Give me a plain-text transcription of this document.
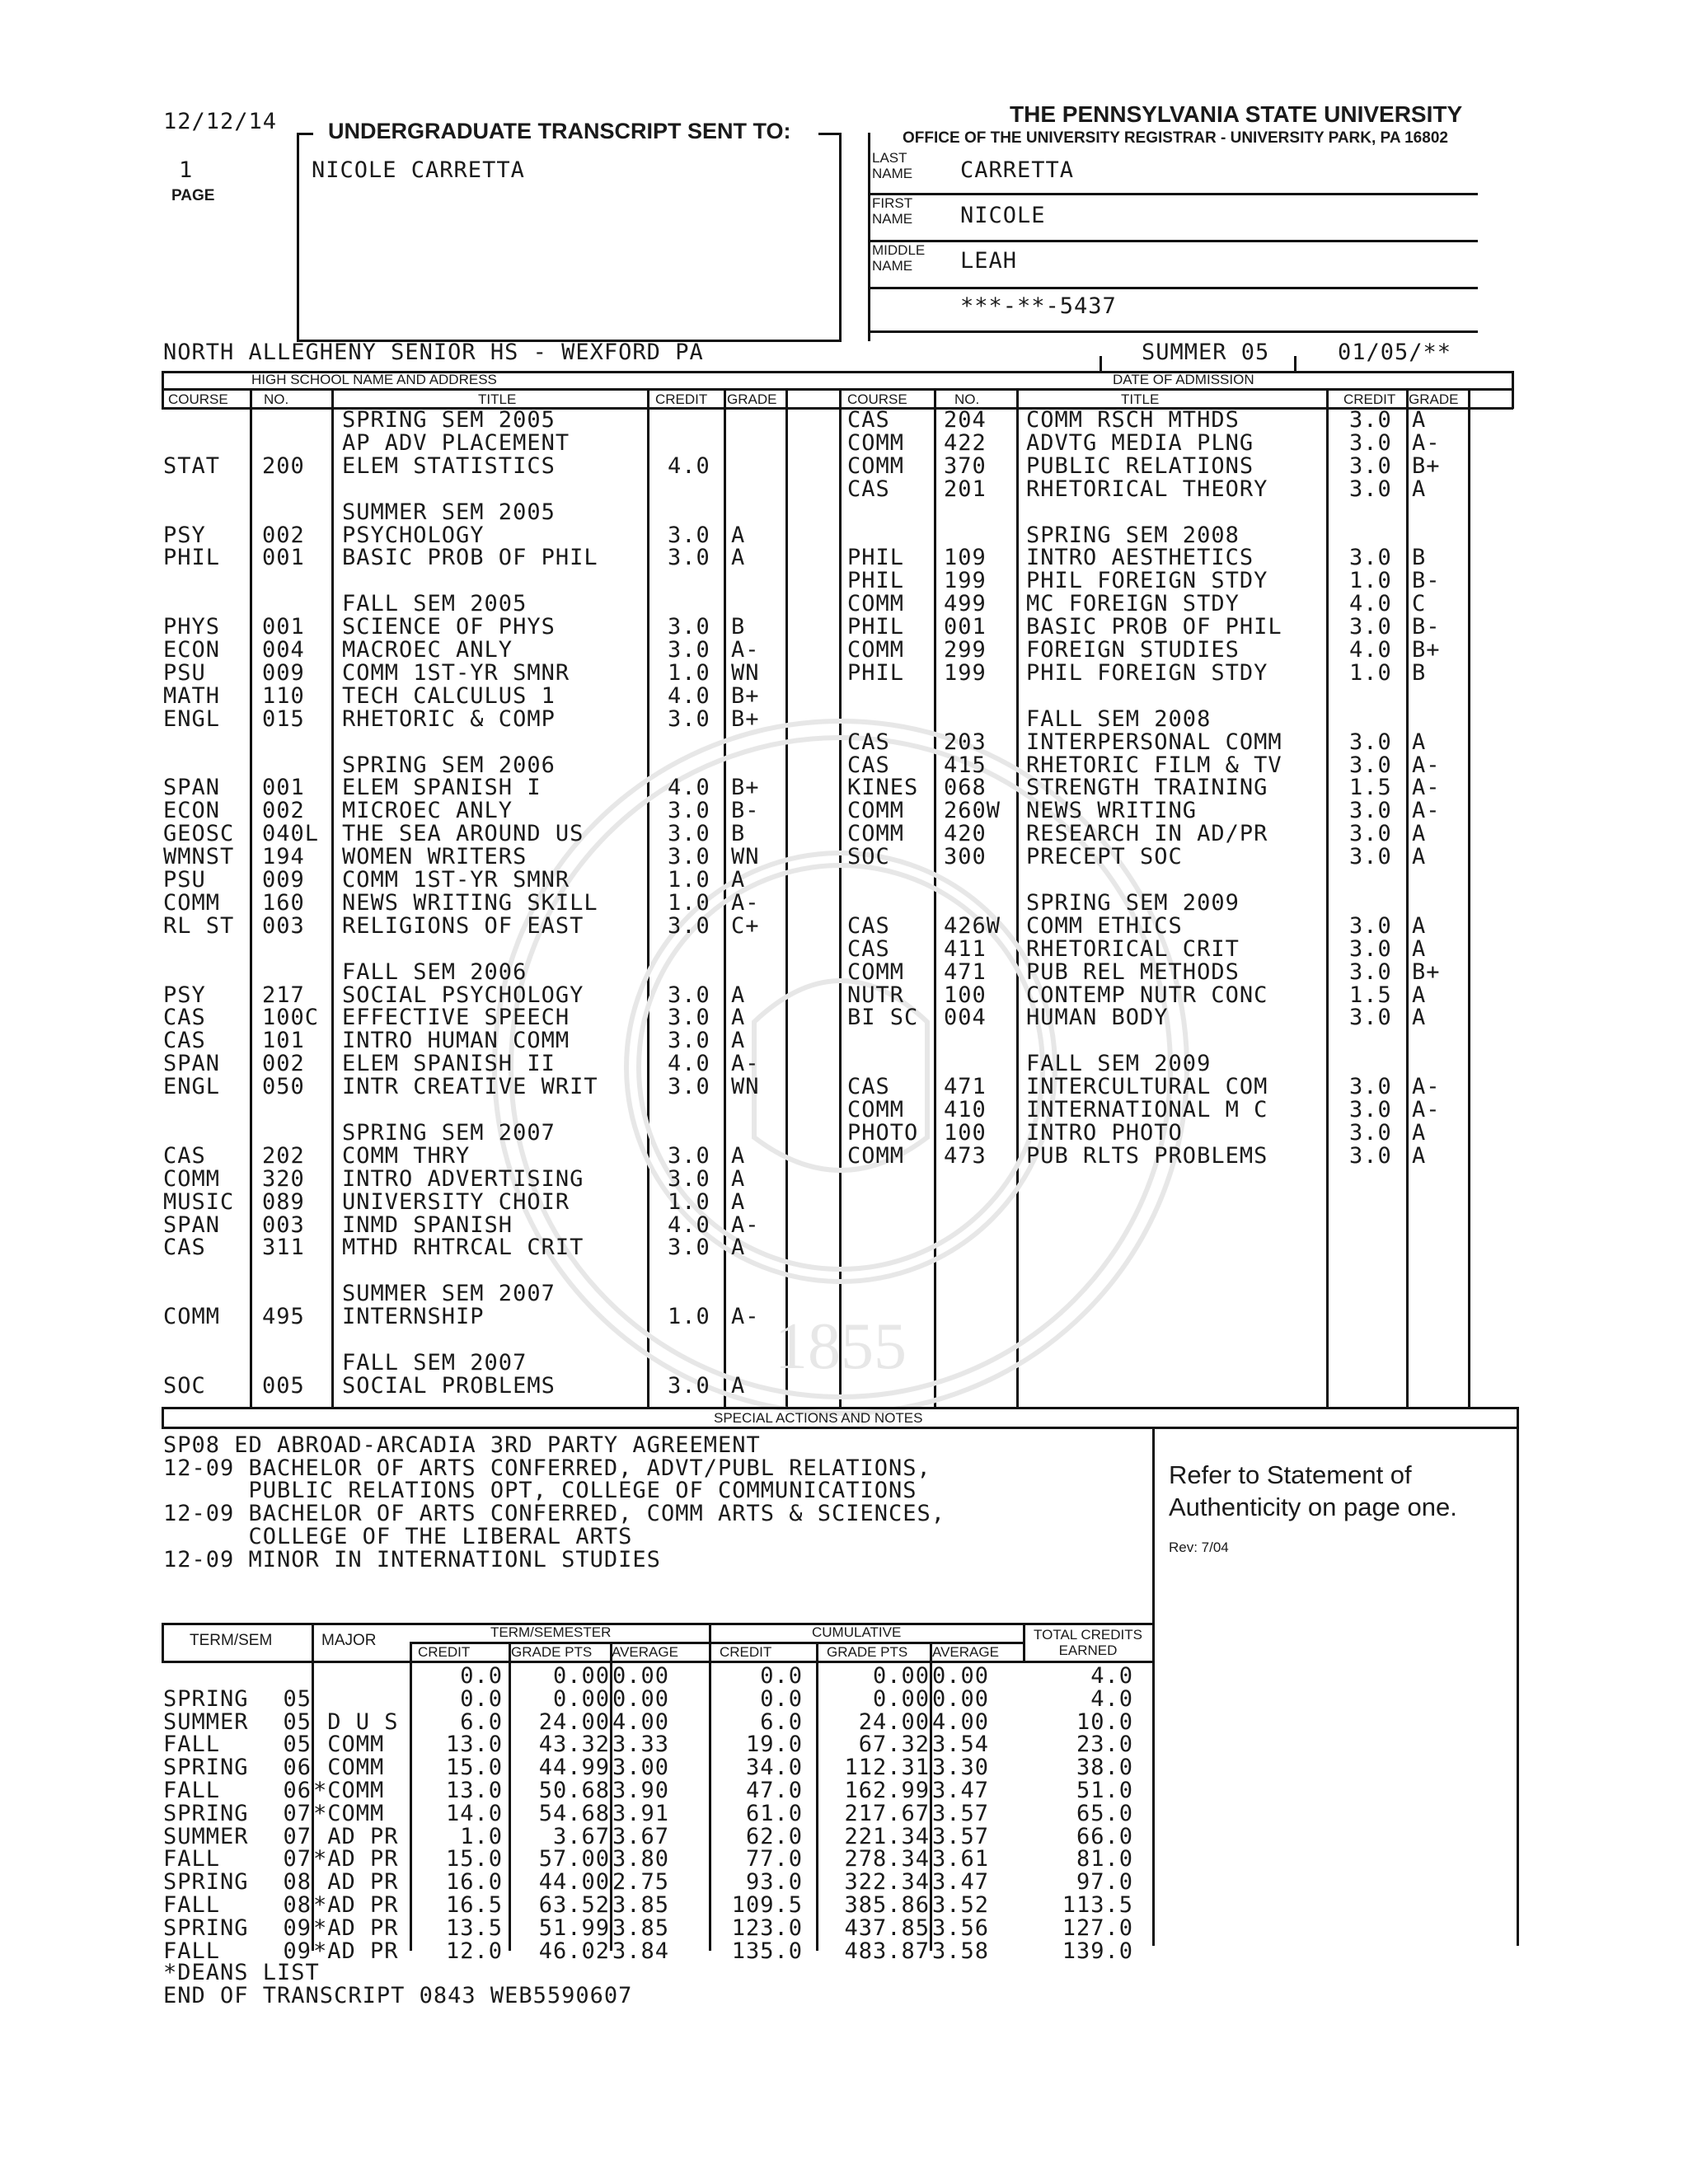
12/12/14
1
PAGE
UNDERGRADUATE TRANSCRIPT SENT TO:
NICOLE CARRETTA
THE PENNSYLVANIA STATE UNIVERSITY
OFFICE OF THE UNIVERSITY REGISTRAR - UNIVERSITY PARK, PA 16802
LAST
NAME CARRETTA
FIRST
NAME NICOLE
MIDDLE
NAME	LEAH
***-**-5437
NORTH ALLEGHENY SENIOR HS - WEXFORD PA	SUMMER 05	01/05/**
HIGH SCHOOL NAME AND ADDRESS	DATE OF ADMISSION
COURSE	NO.	TITLE	CREDIT GRADE	COURSE	NO.	TITLE	CREDIT GRADE
1855
SPRING SEM 2005
AP ADV PLACEMENT
STAT 200 ELEM STATISTICS	4.0
SUMMER SEM 2005
PSY	002 PSYCHOLOGY	3.0 A
PHIL 001 BASIC PROB OF PHIL	3.0 A
FALL SEM 2005
PHYS 001 SCIENCE OF PHYS	3.0 B
ECON 004 MACROEC ANLY	3.0 A-
PSU	009 COMM 1ST-YR SMNR	1.0 WN
MATH 110 TECH CALCULUS 1	4.0 B+
ENGL 015 RHETORIC & COMP	3.0 B+
SPRING SEM 2006
SPAN 001 ELEM SPANISH I	4.0 B+
ECON 002 MICROEC ANLY	3.0 B-
GEOSC 040L THE SEA AROUND US	3.0 B
WMNST 194 WOMEN WRITERS	3.0 WN
PSU	009 COMM 1ST-YR SMNR	1.0 A
COMM 160 NEWS WRITING SKILL	1.0 A-
RL ST 003 RELIGIONS OF EAST	3.0 C+
FALL SEM 2006
PSY	217 SOCIAL PSYCHOLOGY	3.0 A
CAS	100C EFFECTIVE SPEECH	3.0 A
CAS	101 INTRO HUMAN COMM	3.0 A
SPAN 002 ELEM SPANISH II	4.0 A-
ENGL 050 INTR CREATIVE WRIT	3.0 WN
SPRING SEM 2007
CAS	202 COMM THRY	3.0 A
COMM 320 INTRO ADVERTISING	3.0 A
MUSIC 089 UNIVERSITY CHOIR	1.0 A
SPAN 003 INMD SPANISH	4.0 A-
CAS	311 MTHD RHTRCAL CRIT	3.0 A
SUMMER SEM 2007
COMM 495 INTERNSHIP	1.0 A-
FALL SEM 2007
SOC	005 SOCIAL PROBLEMS	3.0 A
CAS 204 COMM RSCH MTHDS	3.0 A
COMM 422 ADVTG MEDIA PLNG	3.0 A-
COMM 370 PUBLIC RELATIONS	3.0 B+
CAS 201 RHETORICAL THEORY	3.0 A
SPRING SEM 2008
PHIL 109 INTRO AESTHETICS	3.0 B
PHIL 199 PHIL FOREIGN STDY	1.0 B-
COMM 499 MC FOREIGN STDY	4.0 C
PHIL 001 BASIC PROB OF PHIL	3.0 B-
COMM 299 FOREIGN STUDIES	4.0 B+
PHIL 199 PHIL FOREIGN STDY	1.0 B
FALL SEM 2008
CAS 203 INTERPERSONAL COMM	3.0 A
CAS 415 RHETORIC FILM & TV	3.0 A-
KINES 068 STRENGTH TRAINING	1.5 A-
COMM 260W NEWS WRITING	3.0 A-
COMM 420 RESEARCH IN AD/PR	3.0 A
SOC 300 PRECEPT SOC	3.0 A
SPRING SEM 2009
CAS 426W COMM ETHICS	3.0 A
CAS 411 RHETORICAL CRIT	3.0 A
COMM 471 PUB REL METHODS	3.0 B+
NUTR 100 CONTEMP NUTR CONC	1.5 A
BI SC 004 HUMAN BODY	3.0 A
FALL SEM 2009
CAS 471 INTERCULTURAL COM	3.0 A-
COMM 410 INTERNATIONAL M C	3.0 A-
PHOTO 100 INTRO PHOTO	3.0 A
COMM 473 PUB RLTS PROBLEMS	3.0 A
SPECIAL ACTIONS AND NOTES
SP08 ED ABROAD-ARCADIA 3RD PARTY AGREEMENT
12-09 BACHELOR OF ARTS CONFERRED, ADVT/PUBL RELATIONS,
PUBLIC RELATIONS OPT, COLLEGE OF COMMUNICATIONS
12-09 BACHELOR OF ARTS CONFERRED, COMM ARTS & SCIENCES,
COLLEGE OF THE LIBERAL ARTS
12-09 MINOR IN INTERNATIONL STUDIES
Refer to Statement of Authenticity on page one.
Rev: 7/04
TERM/SEM	MAJOR	TERM/SEMESTER	CUMULATIVE	TOTAL CREDITS
EARNED
CREDIT	GRADE PTS AVERAGE	CREDIT	GRADE PTS AVERAGE
0.0	0.00 0.00	0.0	0.00 0.00	4.0
SPRING	05	0.0	0.00 0.00	0.0	0.00 0.00	4.0
SUMMER	05 D U S	6.0	24.00 4.00	6.0	24.00 4.00	10.0
FALL	05 COMM	13.0	43.32 3.33	19.0	67.32 3.54	23.0
SPRING	06 COMM	15.0	44.99 3.00	34.0	112.31 3.30	38.0
FALL	06 *COMM	13.0	50.68 3.90	47.0	162.99 3.47	51.0
SPRING	07 *COMM	14.0	54.68 3.91	61.0	217.67 3.57	65.0
SUMMER	07 AD PR	1.0	3.67 3.67	62.0	221.34 3.57	66.0
FALL	07 *AD PR	15.0	57.00 3.80	77.0	278.34 3.61	81.0
SPRING	08 AD PR	16.0	44.00 2.75	93.0	322.34 3.47	97.0
FALL	08 *AD PR	16.5	63.52 3.85	109.5	385.86 3.52	113.5
SPRING	09 *AD PR	13.5	51.99 3.85	123.0	437.85 3.56	127.0
FALL	09 *AD PR	12.0	46.02 3.84	135.0	483.87 3.58	139.0
*DEANS LIST
END OF TRANSCRIPT 0843 WEB5590607
